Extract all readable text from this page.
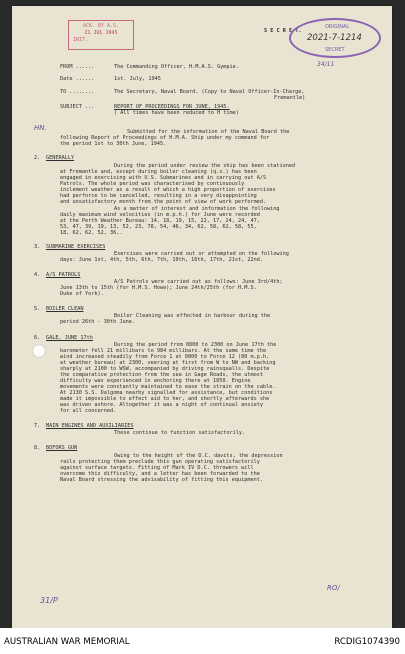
ACK. BY A.S.
21 JUL 1945
INIT.
S E C R E T.
ORIGINAL
2021-7-1214
SECRET
34/11
HN.
FROM ......	The Commanding Officer, H.M.A.S. Gympie.
Date ......	1st. July, 1945
TO ........	The Secretary, Naval Board. (Copy to Naval Officer-In-Charge,
Fremantle)
SUBJECT ...	REPORT OF PROCEEDINGS FOR JUNE, 1945.
( All times have been reduced to H time)
Submitted for the information of the Naval Board the
following Report of Proceedings of H.M.A. Ship under my command for
the period 1st to 30th June, 1945.
2. GENERALLY
During the period under review the ship has been stationed
at Fremantle and, except during boiler cleaning (q.v.) has been
engaged in exercising with U.S. Submarines and in carrying out A/S
Patrols. The whole period was characterised by continuously
inclement weather as a result of which a high proportion of exercises
had perforce to be cancelled, resulting in a very disappointing
and unsatisfactory month from the point of view of work performed.
As a matter of interest and information the following
daily maximum wind velocities (in m.p.h.) for June were recorded
at the Perth Weather Bureau: 14, 18, 19, 15, 22, 17, 24, 24, 47,
53, 47, 39, 19, 13, 52, 23, 78, 54, 46, 34, 62, 58, 62, 58, 55,
18, 62, 62, 52, 36,.
3. SUBMARINE EXERCISES
Exercises were carried out or attempted on the following
days: June 1st, 4th, 5th, 6th, 7th, 10th, 16th, 17th, 21st, 22nd.
4. A/S PATROLS
A/S Patrols were carried out as follows: June 3rd/4th;
June 13th to 15th (for H.M.S. Howe); June 24th/25th (for H.M.S.
Duke of York).
5. BOILER CLEAN
Boiler Cleaning was effected in harbour during the
period 26th - 30th June.
6. GALE, JUNE 17th
During the period from 0800 to 2300 on June 17th the
barometer fell 21 millibars to 984 millibars. At the same time the
wind increased steadily from Force 1 at 0800 to Force 12 (80 m.p.h.
at weather bureau) at 2300, veering at first from W to NW and backing
sharply at 2100 to WSW, accompanied by driving rainsqualls. Despite
the comparative protection from the sea in Gage Roads, the utmost
difficulty was experienced in anchoring there at 1850. Engine
movements were constantly maintained to ease the strain on the cable.
At 2130 S.S. Dalgoma nearby signalled for assistance, but conditions
made it impossible to effect aid to her, and shortly afterwards she
was driven ashore. Altogether it was a night of continual anxiety
for all concerned.
7. MAIN ENGINES AND AUXILIARIES
These continue to function satisfactorily.
8. BOFORS GUN
Owing to the height of the D.C. davits, the depression
rails protecting them preclude this gun operating satisfactorily
against surface targets. Fitting of Mark IV D.C. throwers will
overcome this difficulty, and a letter has been forwarded to the
Naval Board stressing the advisability of fitting this equipment.
RO/
31/P
AUSTRALIAN WAR MEMORIAL	RCDIG1074390
